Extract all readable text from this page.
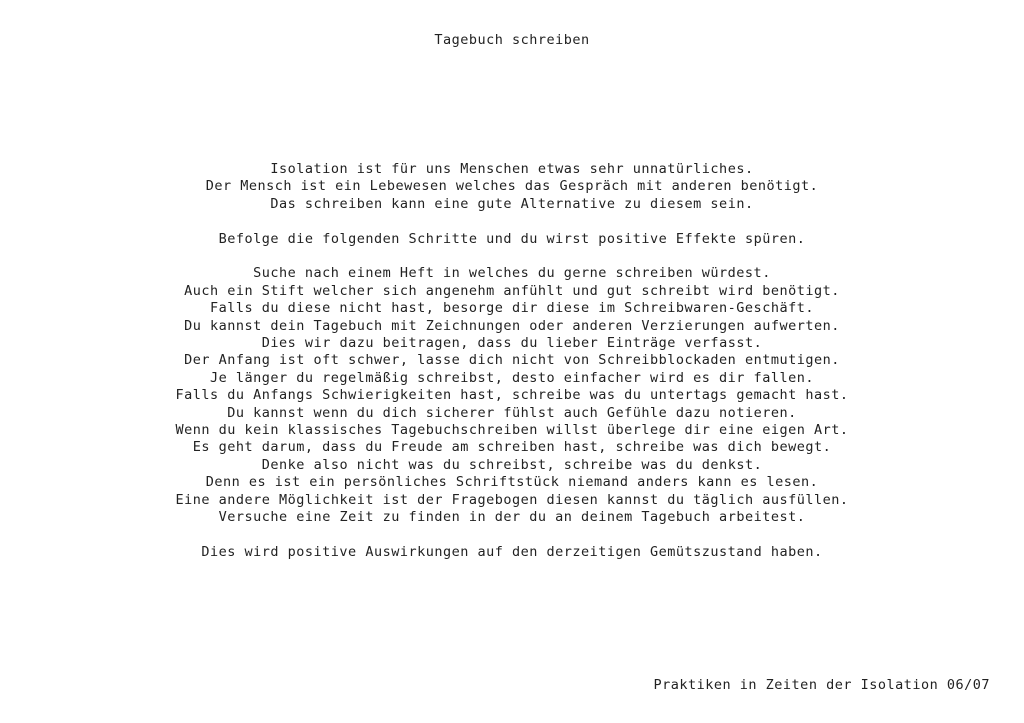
Tagebuch schreiben
Isolation ist für uns Menschen etwas sehr unnatürliches.
Der Mensch ist ein Lebewesen welches das Gespräch mit anderen benötigt.
Das schreiben kann eine gute Alternative zu diesem sein.
Befolge die folgenden Schritte und du wirst positive Effekte spüren.
Suche nach einem Heft in welches du gerne schreiben würdest.
Auch ein Stift welcher sich angenehm anfühlt und gut schreibt wird benötigt.
Falls du diese nicht hast, besorge dir diese im Schreibwaren-Geschäft.
Du kannst dein Tagebuch mit Zeichnungen oder anderen Verzierungen aufwerten.
Dies wir dazu beitragen, dass du lieber Einträge verfasst.
Der Anfang ist oft schwer, lasse dich nicht von Schreibblockaden entmutigen.
Je länger du regelmäßig schreibst, desto einfacher wird es dir fallen.
Falls du Anfangs Schwierigkeiten hast, schreibe was du untertags gemacht hast.
Du kannst wenn du dich sicherer fühlst auch Gefühle dazu notieren.
Wenn du kein klassisches Tagebuchschreiben willst überlege dir eine eigen Art.
Es geht darum, dass du Freude am schreiben hast, schreibe was dich bewegt.
Denke also nicht was du schreibst, schreibe was du denkst.
Denn es ist ein persönliches Schriftstück niemand anders kann es lesen.
Eine andere Möglichkeit ist der Fragebogen diesen kannst du täglich ausfüllen.
Versuche eine Zeit zu finden in der du an deinem Tagebuch arbeitest.
Dies wird positive Auswirkungen auf den derzeitigen Gemütszustand haben.
Praktiken in Zeiten der Isolation 06/07
